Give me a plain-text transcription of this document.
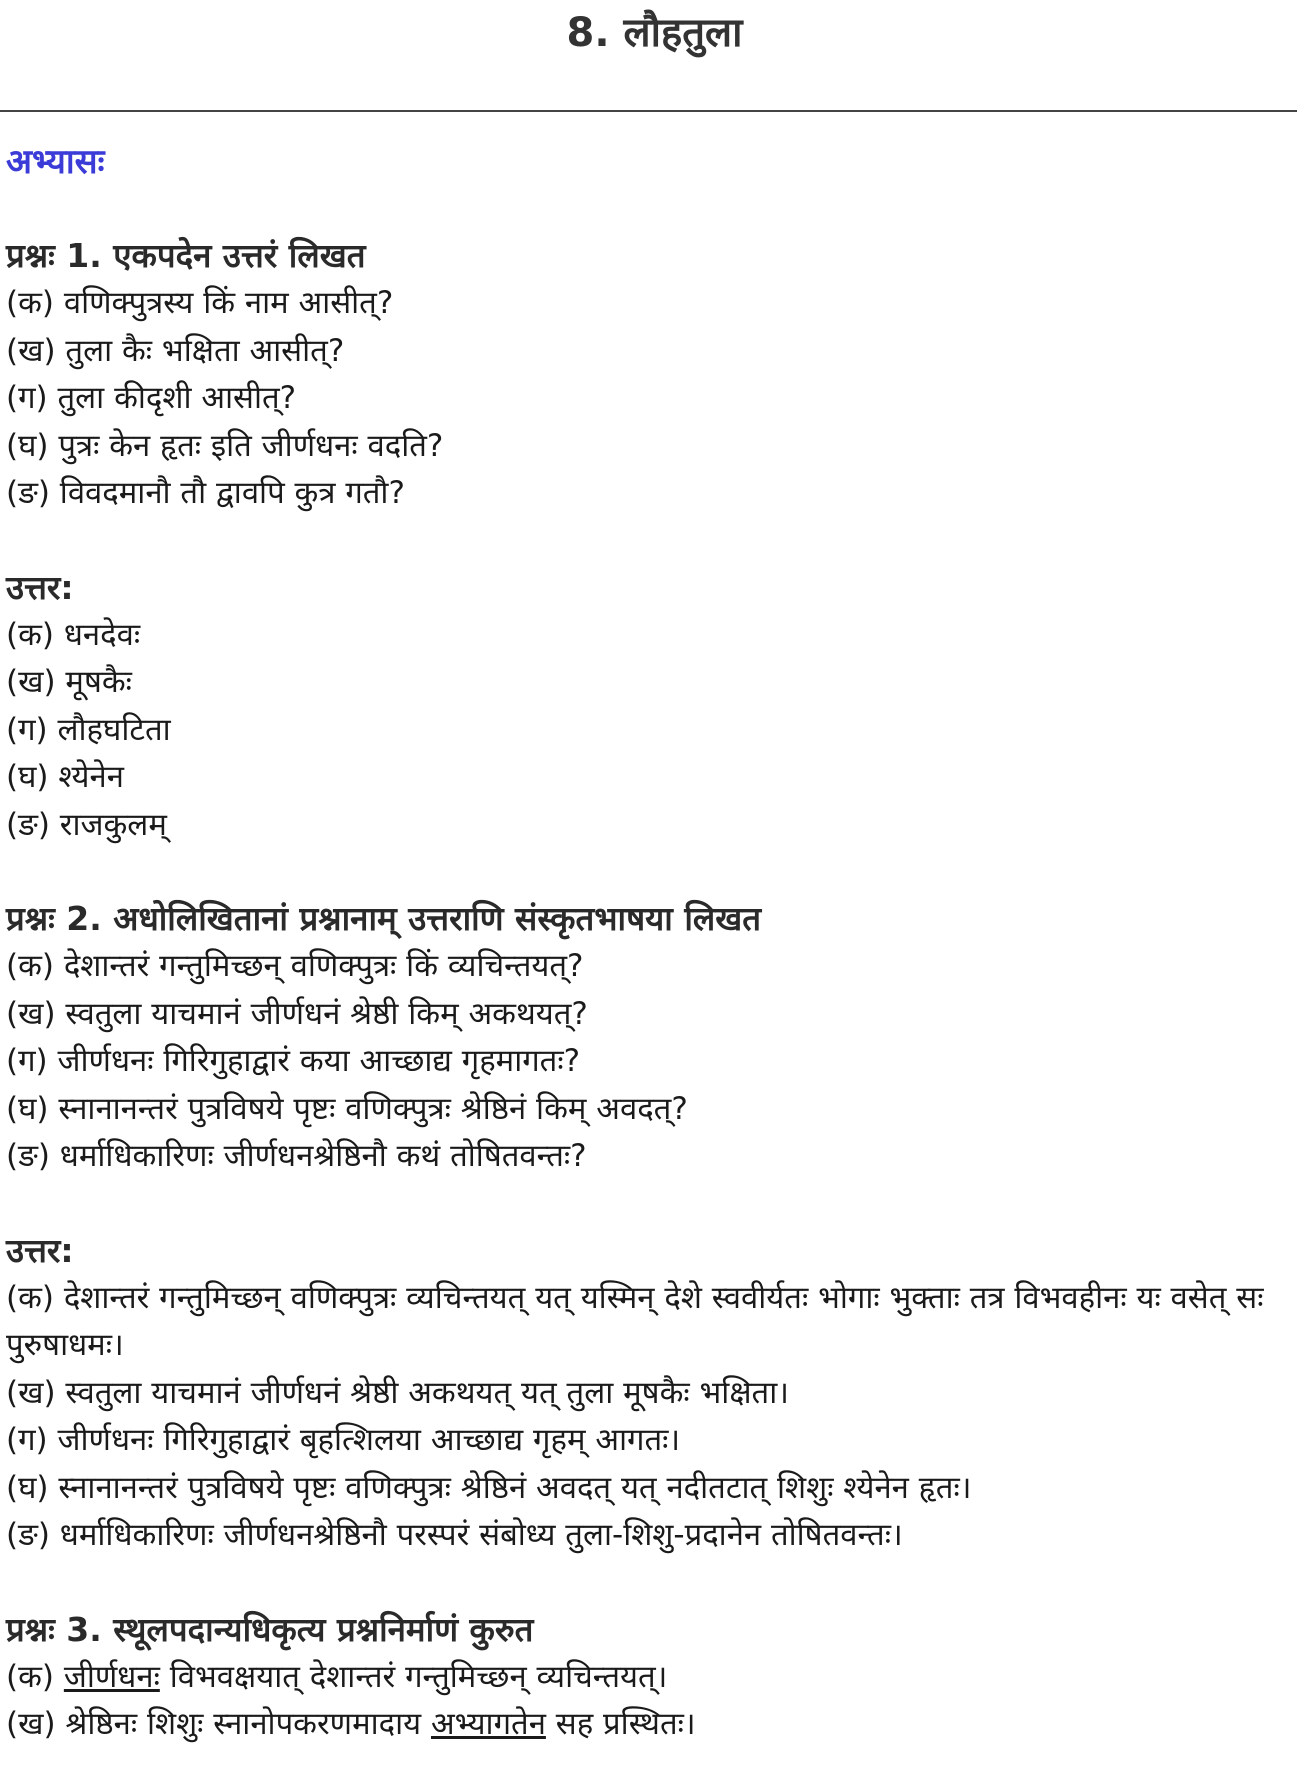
8. लौहतुला
अभ्यासः
प्रश्नः 1. एकपदेन उत्तरं लिखत
(क) वणिक्पुत्रस्य किं नाम आसीत्?
(ख) तुला कैः भक्षिता आसीत्?
(ग) तुला कीदृशी आसीत्?
(घ) पुत्रः केन हृतः इति जीर्णधनः वदति?
(ङ) विवदमानौ तौ द्वावपि कुत्र गतौ?
उत्तर:
(क) धनदेवः
(ख) मूषकैः
(ग) लौहघटिता
(घ) श्येनेन
(ङ) राजकुलम्
प्रश्नः 2. अधोलिखितानां प्रश्नानाम् उत्तराणि संस्कृतभाषया लिखत
(क) देशान्तरं गन्तुमिच्छन् वणिक्पुत्रः किं व्यचिन्तयत्?
(ख) स्वतुला याचमानं जीर्णधनं श्रेष्ठी किम् अकथयत्?
(ग) जीर्णधनः गिरिगुहाद्वारं कया आच्छाद्य गृहमागतः?
(घ) स्नानानन्तरं पुत्रविषये पृष्टः वणिक्पुत्रः श्रेष्ठिनं किम् अवदत्?
(ङ) धर्माधिकारिणः जीर्णधनश्रेष्ठिनौ कथं तोषितवन्तः?
उत्तर:
(क) देशान्तरं गन्तुमिच्छन् वणिक्पुत्रः व्यचिन्तयत् यत् यस्मिन् देशे स्ववीर्यतः भोगाः भुक्ताः तत्र विभवहीनः यः वसेत् सः पुरुषाधमः।
(ख) स्वतुला याचमानं जीर्णधनं श्रेष्ठी अकथयत् यत् तुला मूषकैः भक्षिता।
(ग) जीर्णधनः गिरिगुहाद्वारं बृहत्शिलया आच्छाद्य गृहम् आगतः।
(घ) स्नानानन्तरं पुत्रविषये पृष्टः वणिक्पुत्रः श्रेष्ठिनं अवदत् यत् नदीतटात् शिशुः श्येनेन हृतः।
(ङ) धर्माधिकारिणः जीर्णधनश्रेष्ठिनौ परस्परं संबोध्य तुला-शिशु-प्रदानेन तोषितवन्तः।
प्रश्नः 3. स्थूलपदान्यधिकृत्य प्रश्ननिर्माणं कुरुत
(क) जीर्णधनः विभवक्षयात् देशान्तरं गन्तुमिच्छन् व्यचिन्तयत्।
(ख) श्रेष्ठिनः शिशुः स्नानोपकरणमादाय अभ्यागतेन सह प्रस्थितः।
